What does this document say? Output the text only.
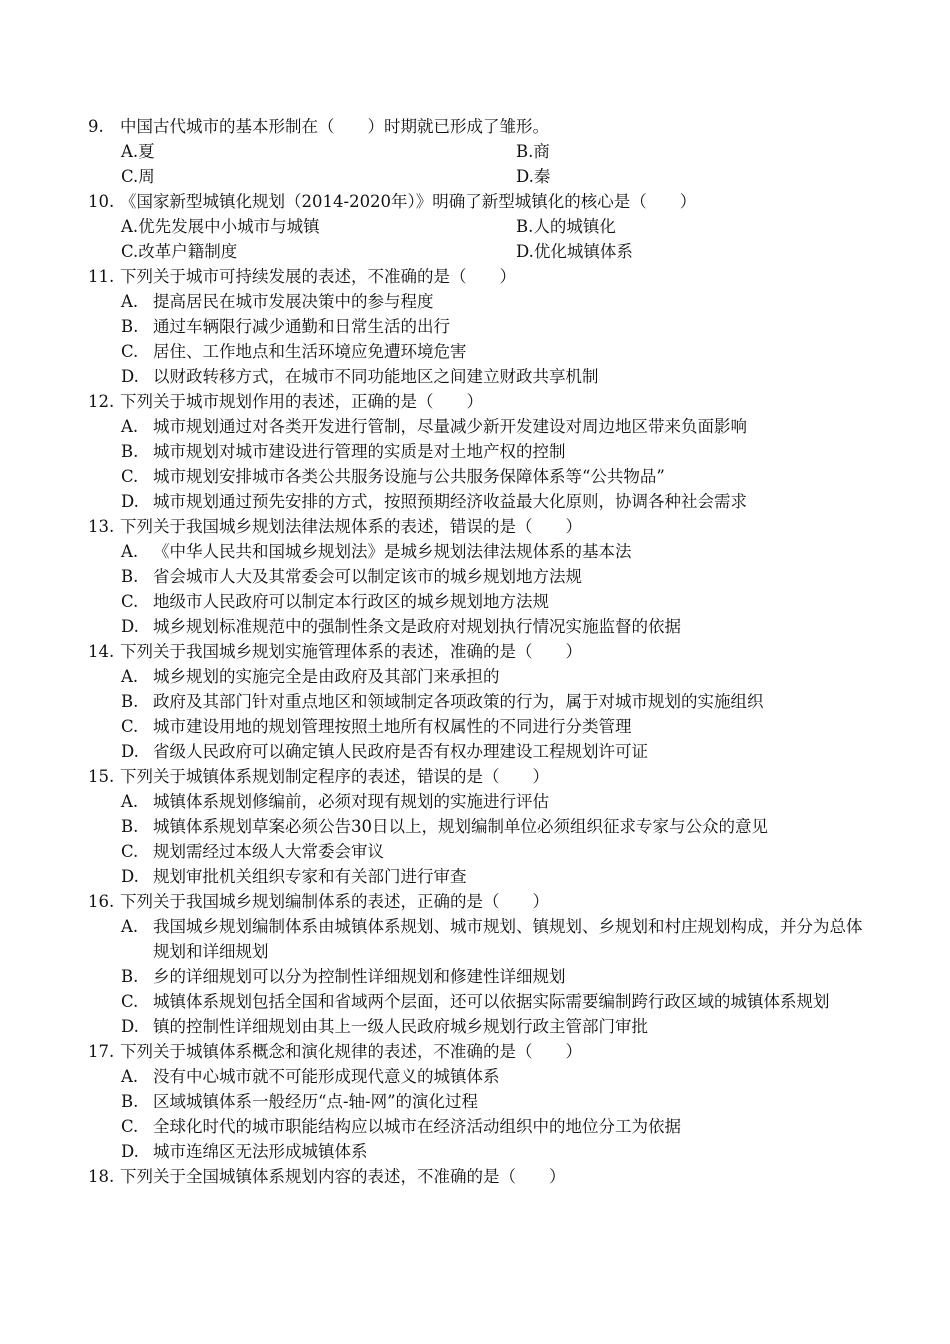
9. 中国古代城市的基本形制在（　　）时期就已形成了雏形。
A.夏	B.商
C.周	D.秦
10. 《国家新型城镇化规划（2014-2020年）》明确了新型城镇化的核心是（　　）
A.优先发展中小城市与城镇	B.人的城镇化
C.改革户籍制度	D.优化城镇体系
11. 下列关于城市可持续发展的表述，不准确的是（　　）
A. 提高居民在城市发展决策中的参与程度
B. 通过车辆限行减少通勤和日常生活的出行
C. 居住、工作地点和生活环境应免遭环境危害
D. 以财政转移方式，在城市不同功能地区之间建立财政共享机制
12. 下列关于城市规划作用的表述，正确的是（　　）
A. 城市规划通过对各类开发进行管制，尽量减少新开发建设对周边地区带来负面影响
B. 城市规划对城市建设进行管理的实质是对土地产权的控制
C. 城市规划安排城市各类公共服务设施与公共服务保障体系等“公共物品”
D. 城市规划通过预先安排的方式，按照预期经济收益最大化原则，协调各种社会需求
13. 下列关于我国城乡规划法律法规体系的表述，错误的是（　　）
A. 《中华人民共和国城乡规划法》是城乡规划法律法规体系的基本法
B. 省会城市人大及其常委会可以制定该市的城乡规划地方法规
C. 地级市人民政府可以制定本行政区的城乡规划地方法规
D. 城乡规划标准规范中的强制性条文是政府对规划执行情况实施监督的依据
14. 下列关于我国城乡规划实施管理体系的表述，准确的是（　　）
A. 城乡规划的实施完全是由政府及其部门来承担的
B. 政府及其部门针对重点地区和领域制定各项政策的行为，属于对城市规划的实施组织
C. 城市建设用地的规划管理按照土地所有权属性的不同进行分类管理
D. 省级人民政府可以确定镇人民政府是否有权办理建设工程规划许可证
15. 下列关于城镇体系规划制定程序的表述，错误的是（　　）
A. 城镇体系规划修编前，必须对现有规划的实施进行评估
B. 城镇体系规划草案必须公告30日以上，规划编制单位必须组织征求专家与公众的意见
C. 规划需经过本级人大常委会审议
D. 规划审批机关组织专家和有关部门进行审查
16. 下列关于我国城乡规划编制体系的表述，正确的是（　　）
A. 我国城乡规划编制体系由城镇体系规划、城市规划、镇规划、乡规划和村庄规划构成，并分为总体规划和详细规划
B. 乡的详细规划可以分为控制性详细规划和修建性详细规划
C. 城镇体系规划包括全国和省域两个层面，还可以依据实际需要编制跨行政区域的城镇体系规划
D. 镇的控制性详细规划由其上一级人民政府城乡规划行政主管部门审批
17. 下列关于城镇体系概念和演化规律的表述，不准确的是（　　）
A. 没有中心城市就不可能形成现代意义的城镇体系
B. 区域城镇体系一般经历“点-轴-网”的演化过程
C. 全球化时代的城市职能结构应以城市在经济活动组织中的地位分工为依据
D. 城市连绵区无法形成城镇体系
18. 下列关于全国城镇体系规划内容的表述，不准确的是（　　）
